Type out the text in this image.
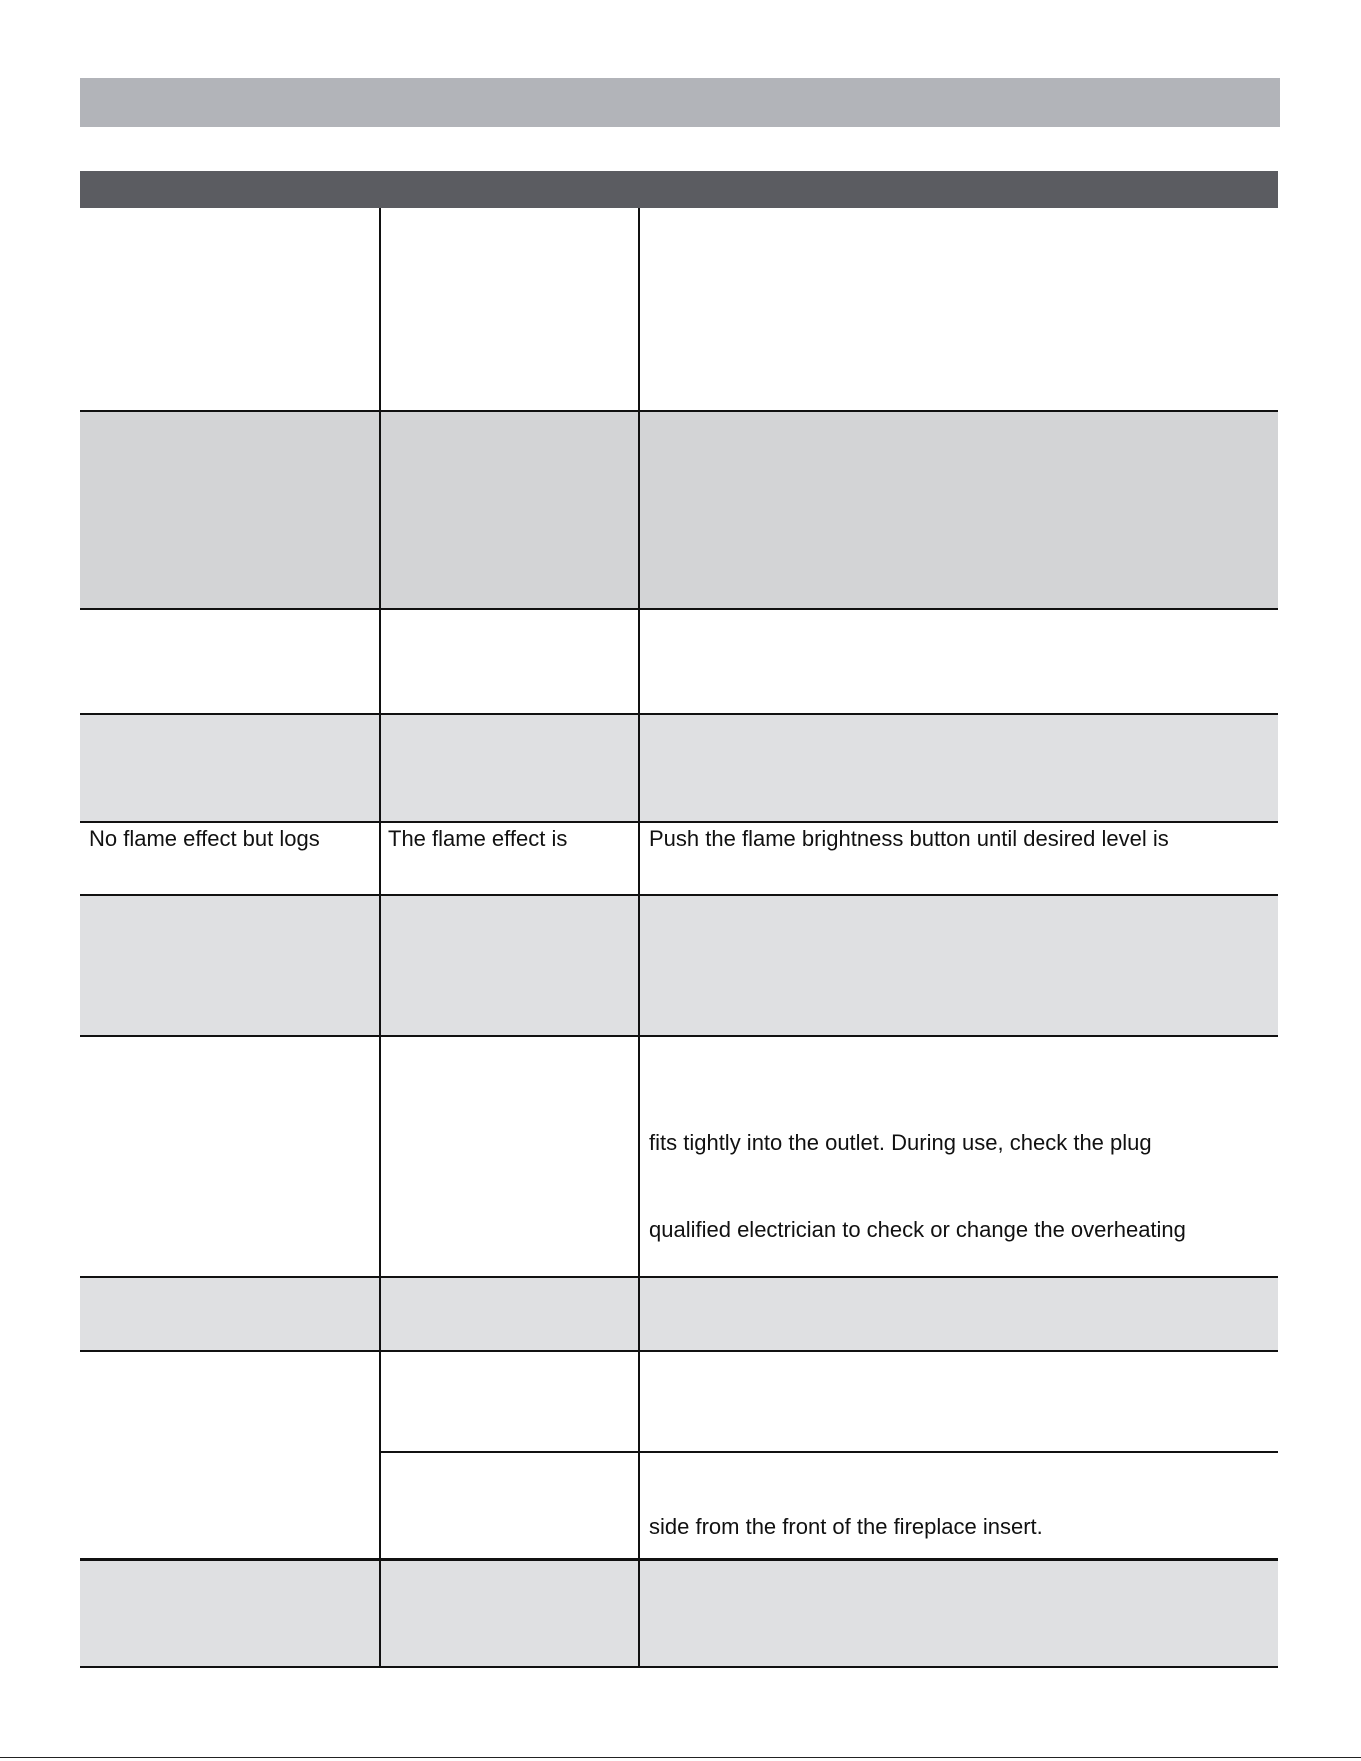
No flame effect but logs	The flame effect is	Push the flame brightness button until desired level is
fits tightly into the outlet. During use, check the plug
qualified electrician to check or change the overheating
side from the front of the fireplace insert.
